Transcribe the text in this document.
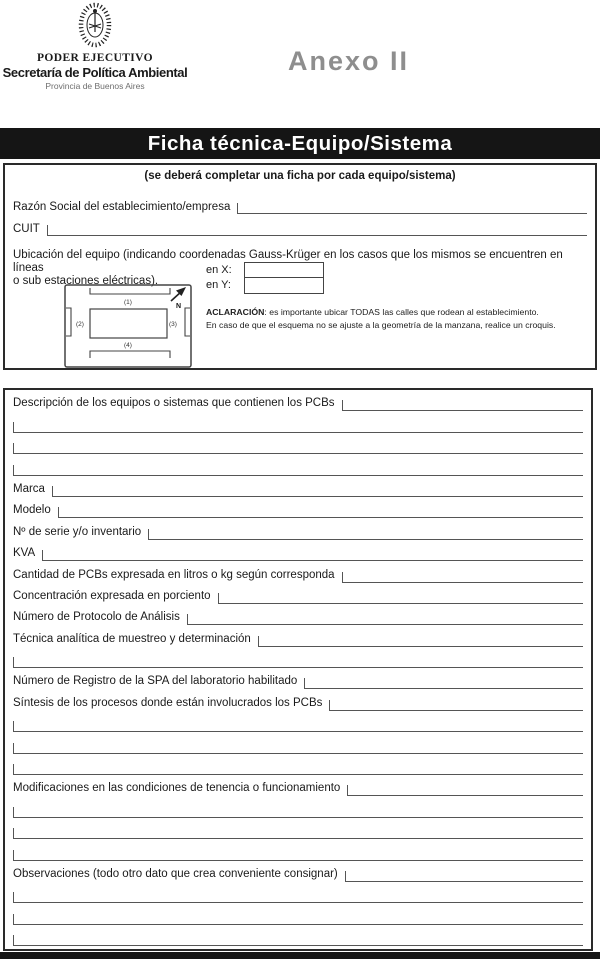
PODER EJECUTIVO
Secretaría de Política Ambiental
Provincia de Buenos Aires
Anexo II
Ficha técnica-Equipo/Sistema
(se deberá completar una ficha por cada equipo/sistema)
Razón Social del establecimiento/empresa
CUIT
Ubicación del equipo (indicando coordenadas Gauss-Krüger en los casos que los mismos se encuentren en líneas
o sub estaciones eléctricas).
en X:
en Y:
(1)
(2)	(3)
(4)
N
ACLARACIÓN: es importante ubicar TODAS las calles que rodean al establecimiento.
En caso de que el esquema no se ajuste a la geometría de la manzana, realice un croquis.
Descripción de los equipos o sistemas que contienen los PCBs
Marca
Modelo
Nº de serie y/o inventario
KVA
Cantidad de PCBs expresada en litros o kg según corresponda
Concentración expresada en porciento
Número de Protocolo de Análisis
Técnica analítica de muestreo y determinación
Número de Registro de la SPA del laboratorio habilitado
Síntesis de los procesos donde están involucrados los PCBs
Modificaciones en las condiciones de tenencia o funcionamiento
Observaciones (todo otro dato que crea conveniente consignar)
